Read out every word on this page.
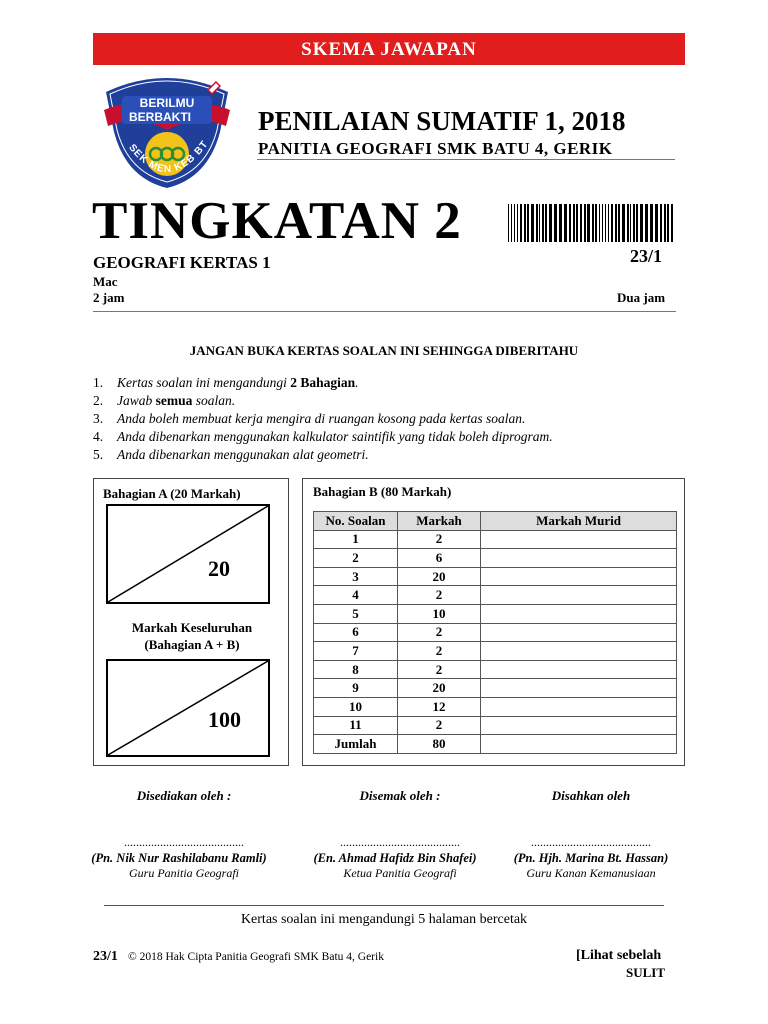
SKEMA JAWAPAN
BERILMU
BERBAKTI
SEK MEN KEB BT
PENILAIAN SUMATIF 1, 2018
PANITIA GEOGRAFI SMK BATU 4, GERIK
TINGKATAN 2
23/1
GEOGRAFI KERTAS 1
Mac
2 jam	Dua jam
JANGAN BUKA KERTAS SOALAN INI SEHINGGA DIBERITAHU
1. Kertas soalan ini mengandungi 2 Bahagian.
2. Jawab semua soalan.
3. Anda boleh membuat kerja mengira di ruangan kosong pada kertas soalan.
4. Anda dibenarkan menggunakan kalkulator saintifik yang tidak boleh diprogram.
5. Anda dibenarkan menggunakan alat geometri.
Bahagian A (20 Markah)
20
Markah Keseluruhan
(Bahagian A + B)
100
Bahagian B (80 Markah)
No. Soalan	Markah	Markah Murid
1	2	
2	6	
3	20	
4	2	
5	10	
6	2	
7	2	
8	2	
9	20	
10	12	
11	2	
Jumlah	80	
Disediakan oleh :
........................................
(Pn. Nik Nur Rashilabanu Ramli)
Guru Panitia Geografi
Disemak oleh :
........................................
(En. Ahmad Hafidz Bin Shafei)
Ketua Panitia Geografi
Disahkan oleh
........................................
(Pn. Hjh. Marina Bt. Hassan)
Guru Kanan Kemanusiaan
Kertas soalan ini mengandungi 5 halaman bercetak
23/1 © 2018 Hak Cipta Panitia Geografi SMK Batu 4, Gerik	[Lihat sebelah
SULIT
